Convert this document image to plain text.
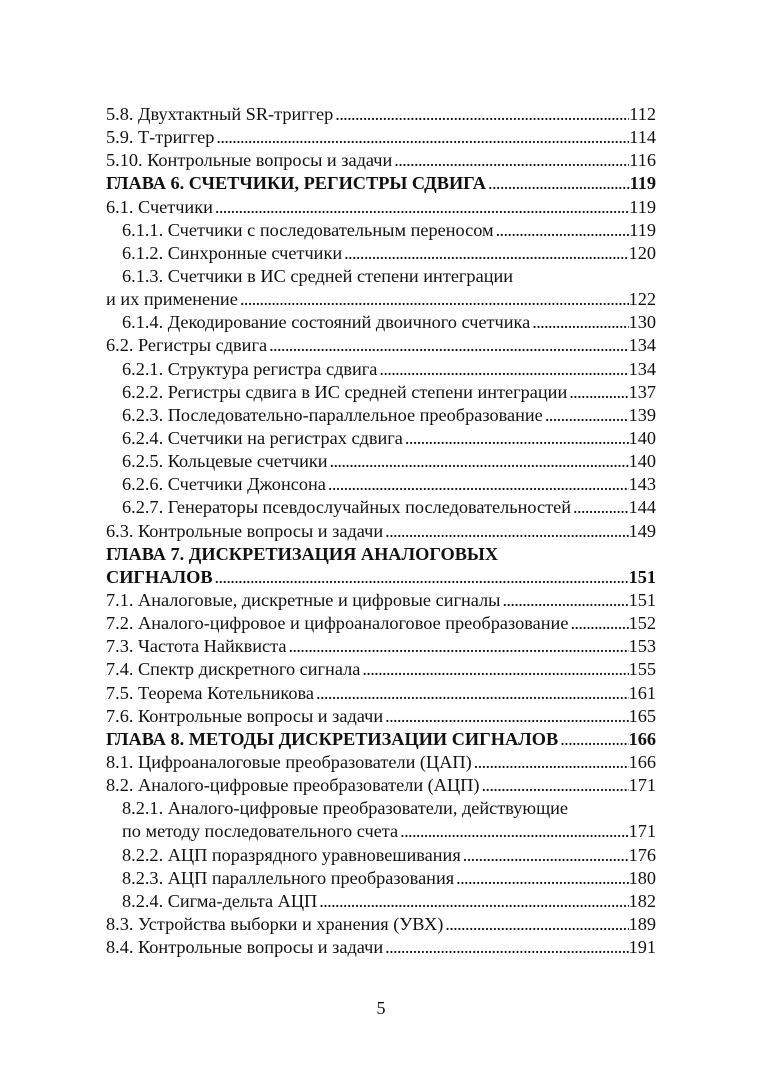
5.8. Двухтактный SR-триггер . . .	112
5.9. Т-триггер . . .	114
5.10. Контрольные вопросы и задачи . . .	116
ГЛАВА 6. СЧЕТЧИКИ, РЕГИСТРЫ СДВИГА . . .	119
6.1. Счетчики . . .	119
6.1.1. Счетчики с последовательным переносом . . .	119
6.1.2. Синхронные счетчики . . .	120
6.1.3. Счетчики в ИС средней степени интеграции
и их применение . . .	122
6.1.4. Декодирование состояний двоичного счетчика . . .	130
6.2. Регистры сдвига . . .	134
6.2.1. Структура регистра сдвига . . .	134
6.2.2. Регистры сдвига в ИС средней степени интеграции . . .	137
6.2.3. Последовательно-параллельное преобразование . . .	139
6.2.4. Счетчики на регистрах сдвига . . .	140
6.2.5. Кольцевые счетчики . . .	140
6.2.6. Счетчики Джонсона . . .	143
6.2.7. Генераторы псевдослучайных последовательностей . . .	144
6.3. Контрольные вопросы и задачи . . .	149
ГЛАВА 7. ДИСКРЕТИЗАЦИЯ АНАЛОГОВЫХ
СИГНАЛОВ . . .	151
7.1. Аналоговые, дискретные и цифровые сигналы . . .	151
7.2. Аналого-цифровое и цифроаналоговое преобразование . . .	152
7.3. Частота Найквиста . . .	153
7.4. Спектр дискретного сигнала . . .	155
7.5. Теорема Котельникова . . .	161
7.6. Контрольные вопросы и задачи . . .	165
ГЛАВА 8. МЕТОДЫ ДИСКРЕТИЗАЦИИ СИГНАЛОВ . . .	166
8.1. Цифроаналоговые преобразователи (ЦАП) . . .	166
8.2. Аналого-цифровые преобразователи (АЦП) . . .	171
8.2.1. Аналого-цифровые преобразователи, действующие
по методу последовательного счета . . .	171
8.2.2. АЦП поразрядного уравновешивания . . .	176
8.2.3. АЦП параллельного преобразования . . .	180
8.2.4. Сигма-дельта АЦП . . .	182
8.3. Устройства выборки и хранения (УВХ) . . .	189
8.4. Контрольные вопросы и задачи . . .	191
5
